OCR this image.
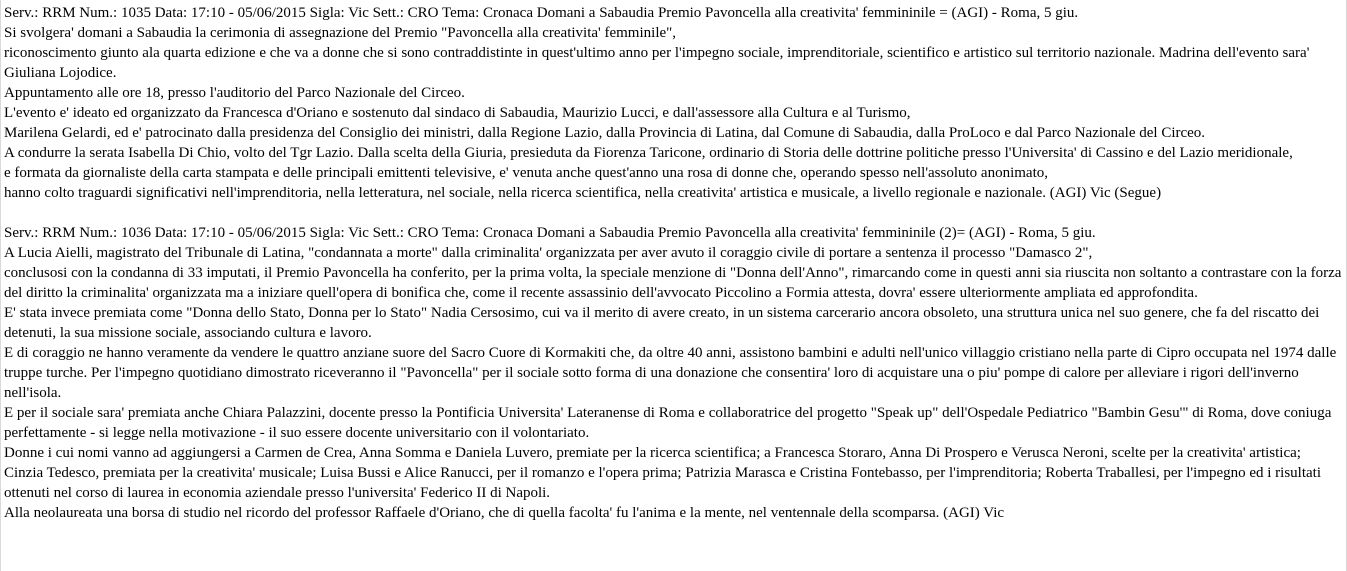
Serv.: RRM Num.: 1035 Data: 17:10 - 05/06/2015 Sigla: Vic Sett.: CRO Tema: Cronaca Domani a Sabaudia Premio Pavoncella alla creativita' femmininile = (AGI) - Roma, 5 giu.
Si svolgera' domani a Sabaudia la cerimonia di assegnazione del Premio "Pavoncella alla creativita' femminile",
riconoscimento giunto ala quarta edizione e che va a donne che si sono contraddistinte in quest'ultimo anno per l'impegno sociale, imprenditoriale, scientifico e artistico sul territorio nazionale. Madrina dell'evento sara' Giuliana Lojodice.
Appuntamento alle ore 18, presso l'auditorio del Parco Nazionale del Circeo.
L'evento e' ideato ed organizzato da Francesca d'Oriano e sostenuto dal sindaco di Sabaudia, Maurizio Lucci, e dall'assessore alla Cultura e al Turismo,
Marilena Gelardi, ed e' patrocinato dalla presidenza del Consiglio dei ministri, dalla Regione Lazio, dalla Provincia di Latina, dal Comune di Sabaudia, dalla ProLoco e dal Parco Nazionale del Circeo.
A condurre la serata Isabella Di Chio, volto del Tgr Lazio. Dalla scelta della Giuria, presieduta da Fiorenza Taricone, ordinario di Storia delle dottrine politiche presso l'Universita' di Cassino e del Lazio meridionale,
e formata da giornaliste della carta stampata e delle principali emittenti televisive, e' venuta anche quest'anno una rosa di donne che, operando spesso nell'assoluto anonimato,
hanno colto traguardi significativi nell'imprenditoria, nella letteratura, nel sociale, nella ricerca scientifica, nella creativita' artistica e musicale, a livello regionale e nazionale. (AGI) Vic (Segue)
Serv.: RRM Num.: 1036 Data: 17:10 - 05/06/2015 Sigla: Vic Sett.: CRO Tema: Cronaca Domani a Sabaudia Premio Pavoncella alla creativita' femmininile (2)= (AGI) - Roma, 5 giu.
A Lucia Aielli, magistrato del Tribunale di Latina, "condannata a morte" dalla criminalita' organizzata per aver avuto il coraggio civile di portare a sentenza il processo "Damasco 2",
conclusosi con la condanna di 33 imputati, il Premio Pavoncella ha conferito, per la prima volta, la speciale menzione di "Donna dell'Anno", rimarcando come in questi anni sia riuscita non soltanto a contrastare con la forza del diritto la criminalita' organizzata ma a iniziare quell'opera di bonifica che, come il recente assassinio dell'avvocato Piccolino a Formia attesta, dovra' essere ulteriormente ampliata ed approfondita.
E' stata invece premiata come "Donna dello Stato, Donna per lo Stato" Nadia Cersosimo, cui va il merito di avere creato, in un sistema carcerario ancora obsoleto, una struttura unica nel suo genere, che fa del riscatto dei detenuti, la sua missione sociale, associando cultura e lavoro.
E di coraggio ne hanno veramente da vendere le quattro anziane suore del Sacro Cuore di Kormakiti che, da oltre 40 anni, assistono bambini e adulti nell'unico villaggio cristiano nella parte di Cipro occupata nel 1974 dalle truppe turche. Per l'impegno quotidiano dimostrato riceveranno il "Pavoncella" per il sociale sotto forma di una donazione che consentira' loro di acquistare una o piu' pompe di calore per alleviare i rigori dell'inverno nell'isola.
E per il sociale sara' premiata anche Chiara Palazzini, docente presso la Pontificia Universita' Lateranense di Roma e collaboratrice del progetto "Speak up" dell'Ospedale Pediatrico "Bambin Gesu'" di Roma, dove coniuga perfettamente - si legge nella motivazione - il suo essere docente universitario con il volontariato.
Donne i cui nomi vanno ad aggiungersi a Carmen de Crea, Anna Somma e Daniela Luvero, premiate per la ricerca scientifica; a Francesca Storaro, Anna Di Prospero e Verusca Neroni, scelte per la creativita' artistica; Cinzia Tedesco, premiata per la creativita' musicale; Luisa Bussi e Alice Ranucci, per il romanzo e l'opera prima; Patrizia Marasca e Cristina Fontebasso, per l'imprenditoria; Roberta Traballesi, per l'impegno ed i risultati ottenuti nel corso di laurea in economia aziendale presso l'universita' Federico II di Napoli.
Alla neolaureata una borsa di studio nel ricordo del professor Raffaele d'Oriano, che di quella facolta' fu l'anima e la mente, nel ventennale della scomparsa. (AGI) Vic
